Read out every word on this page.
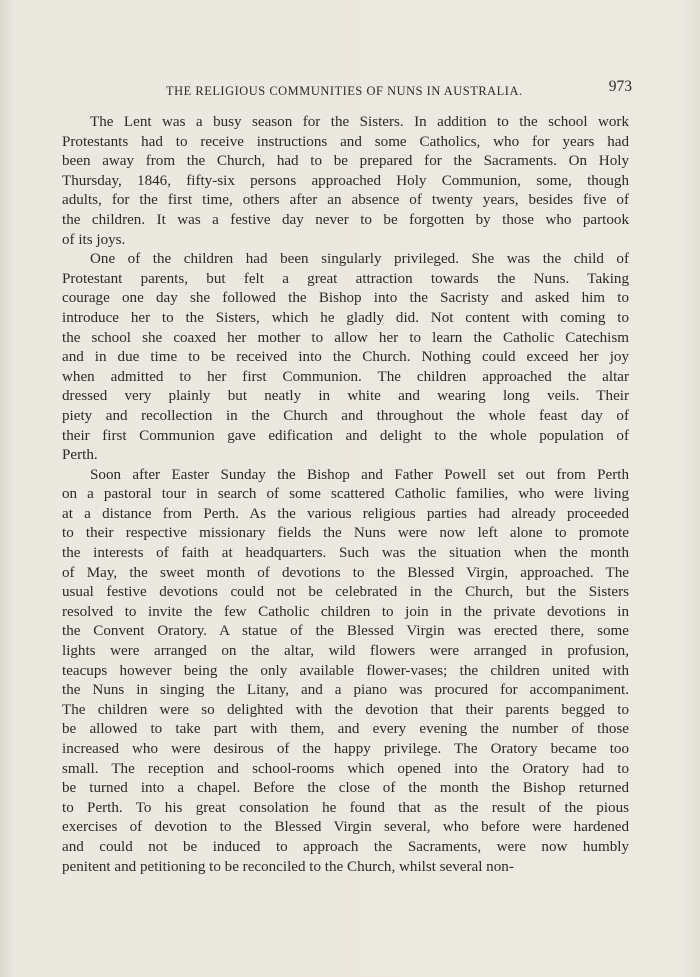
THE RELIGIOUS COMMUNITIES OF NUNS IN AUSTRALIA.	973
The Lent was a busy season for the Sisters. In addition to the school work
Protestants had to receive instructions and some Catholics, who for years had
been away from the Church, had to be prepared for the Sacraments. On Holy
Thursday, 1846, fifty-six persons approached Holy Communion, some, though
adults, for the first time, others after an absence of twenty years, besides five of
the children. It was a festive day never to be forgotten by those who partook
of its joys.
One of the children had been singularly privileged. She was the child of
Protestant parents, but felt a great attraction towards the Nuns. Taking
courage one day she followed the Bishop into the Sacristy and asked him to
introduce her to the Sisters, which he gladly did. Not content with coming to
the school she coaxed her mother to allow her to learn the Catholic Catechism
and in due time to be received into the Church. Nothing could exceed her joy
when admitted to her first Communion. The children approached the altar
dressed very plainly but neatly in white and wearing long veils. Their
piety and recollection in the Church and throughout the whole feast day of
their first Communion gave edification and delight to the whole population of
Perth.
Soon after Easter Sunday the Bishop and Father Powell set out from Perth
on a pastoral tour in search of some scattered Catholic families, who were living
at a distance from Perth. As the various religious parties had already proceeded
to their respective missionary fields the Nuns were now left alone to promote
the interests of faith at headquarters. Such was the situation when the month
of May, the sweet month of devotions to the Blessed Virgin, approached. The
usual festive devotions could not be celebrated in the Church, but the Sisters
resolved to invite the few Catholic children to join in the private devotions in
the Convent Oratory. A statue of the Blessed Virgin was erected there, some
lights were arranged on the altar, wild flowers were arranged in profusion,
teacups however being the only available flower-vases; the children united with
the Nuns in singing the Litany, and a piano was procured for accompaniment.
The children were so delighted with the devotion that their parents begged to
be allowed to take part with them, and every evening the number of those
increased who were desirous of the happy privilege. The Oratory became too
small. The reception and school-rooms which opened into the Oratory had to
be turned into a chapel. Before the close of the month the Bishop returned
to Perth. To his great consolation he found that as the result of the pious
exercises of devotion to the Blessed Virgin several, who before were hardened
and could not be induced to approach the Sacraments, were now humbly
penitent and petitioning to be reconciled to the Church, whilst several non-
